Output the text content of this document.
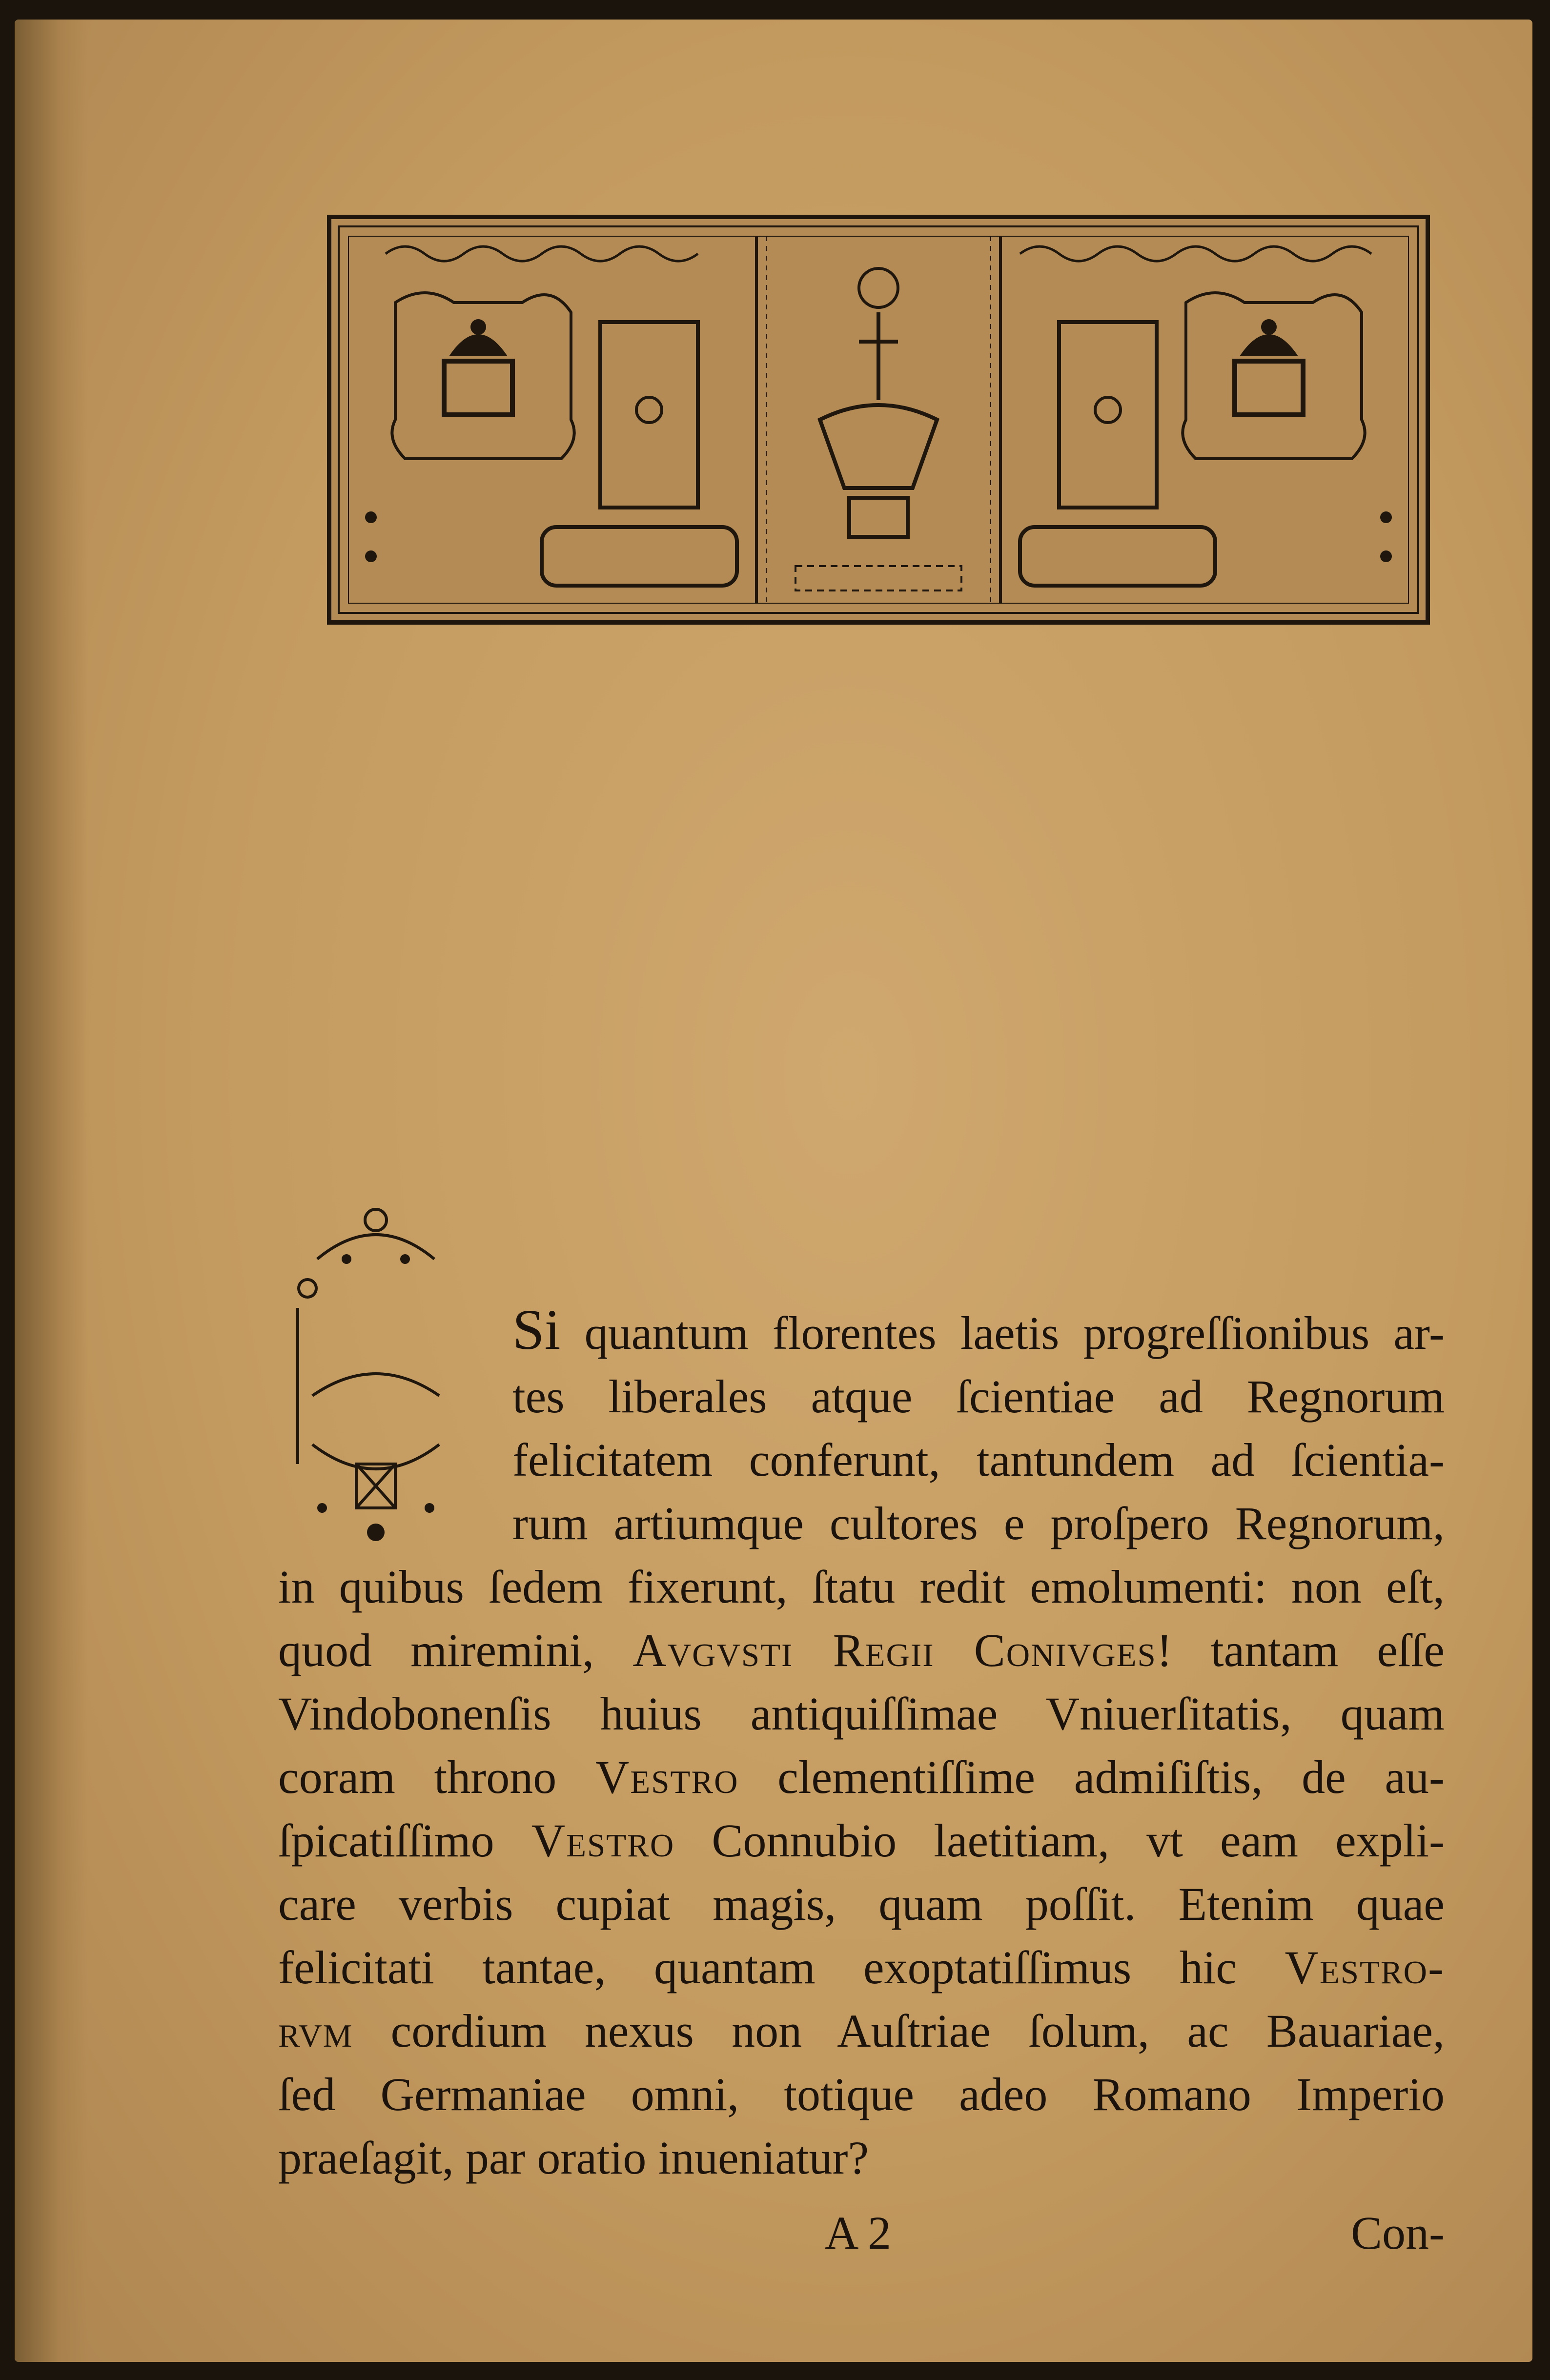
Si quantum florentes laetis progreſſionibus ar-
tes liberales atque ſcientiae ad Regnorum
felicitatem conferunt, tantundem ad ſcientia-
rum artiumque cultores e proſpero Regnorum,
in quibus ſedem fixerunt, ſtatu redit emolumenti: non eſt,
quod miremini, Avgvsti Regii Conivges! tantam eſſe
Vindobonenſis huius antiquiſſimae Vniuerſitatis, quam
coram throno Vestro clementiſſime admiſiſtis, de au-
ſpicatiſſimo Vestro Connubio laetitiam, vt eam expli-
care verbis cupiat magis, quam poſſit. Etenim quae
felicitati tantae, quantam exoptatiſſimus hic Vestro-
rvm cordium nexus non Auſtriae ſolum, ac Bauariae,
ſed Germaniae omni, totique adeo Romano Imperio
praeſagit, par oratio inueniatur?
A 2	Con-
